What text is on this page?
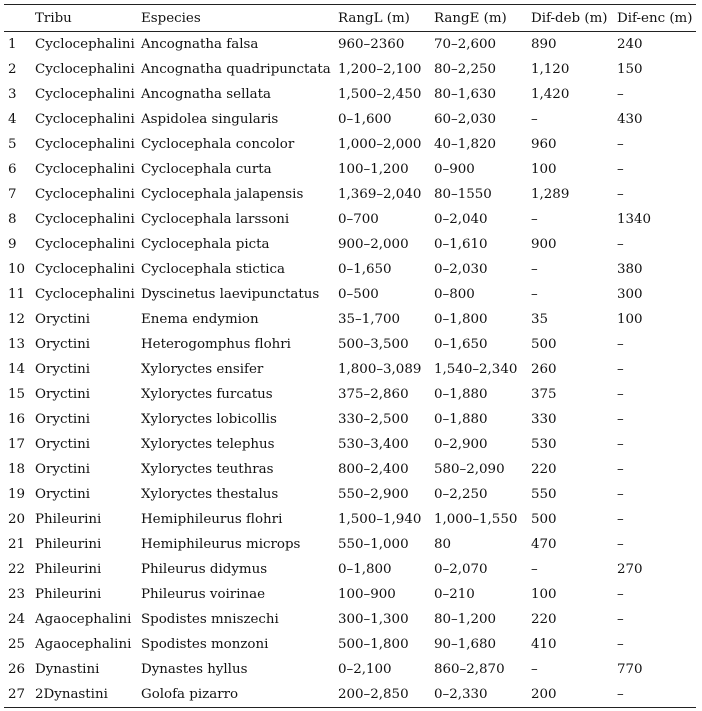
	Tribu	Especies	RangL (m)	RangE (m)	Dif-deb (m)	Dif-enc (m)
1	Cyclocephalini	Ancognatha falsa	960–2360	70–2,600	890	240
2	Cyclocephalini	Ancognatha quadripunctata	1,200–2,100	80–2,250	1,120	150
3	Cyclocephalini	Ancognatha sellata	1,500–2,450	80–1,630	1,420	–
4	Cyclocephalini	Aspidolea singularis	0–1,600	60–2,030	–	430
5	Cyclocephalini	Cyclocephala concolor	1,000–2,000	40–1,820	960	–
6	Cyclocephalini	Cyclocephala curta	100–1,200	0–900	100	–
7	Cyclocephalini	Cyclocephala jalapensis	1,369–2,040	80–1550	1,289	–
8	Cyclocephalini	Cyclocephala larssoni	0–700	0–2,040	–	1340
9	Cyclocephalini	Cyclocephala picta	900–2,000	0–1,610	900	–
10	Cyclocephalini	Cyclocephala stictica	0–1,650	0–2,030	–	380
11	Cyclocephalini	Dyscinetus laevipunctatus	0–500	0–800	–	300
12	Oryctini	Enema endymion	35–1,700	0–1,800	35	100
13	Oryctini	Heterogomphus flohri	500–3,500	0–1,650	500	–
14	Oryctini	Xyloryctes ensifer	1,800–3,089	1,540–2,340	260	–
15	Oryctini	Xyloryctes furcatus	375–2,860	0–1,880	375	–
16	Oryctini	Xyloryctes lobicollis	330–2,500	0–1,880	330	–
17	Oryctini	Xyloryctes telephus	530–3,400	0–2,900	530	–
18	Oryctini	Xyloryctes teuthras	800–2,400	580–2,090	220	–
19	Oryctini	Xyloryctes thestalus	550–2,900	0–2,250	550	–
20	Phileurini	Hemiphileurus flohri	1,500–1,940	1,000–1,550	500	–
21	Phileurini	Hemiphileurus microps	550–1,000	80	470	–
22	Phileurini	Phileurus didymus	0–1,800	0–2,070	–	270
23	Phileurini	Phileurus voirinae	100–900	0–210	100	–
24	Agaocephalini	Spodistes mniszechi	300–1,300	80–1,200	220	–
25	Agaocephalini	Spodistes monzoni	500–1,800	90–1,680	410	–
26	Dynastini	Dynastes hyllus	0–2,100	860–2,870	–	770
27	2Dynastini	Golofa pizarro	200–2,850	0–2,330	200	–
